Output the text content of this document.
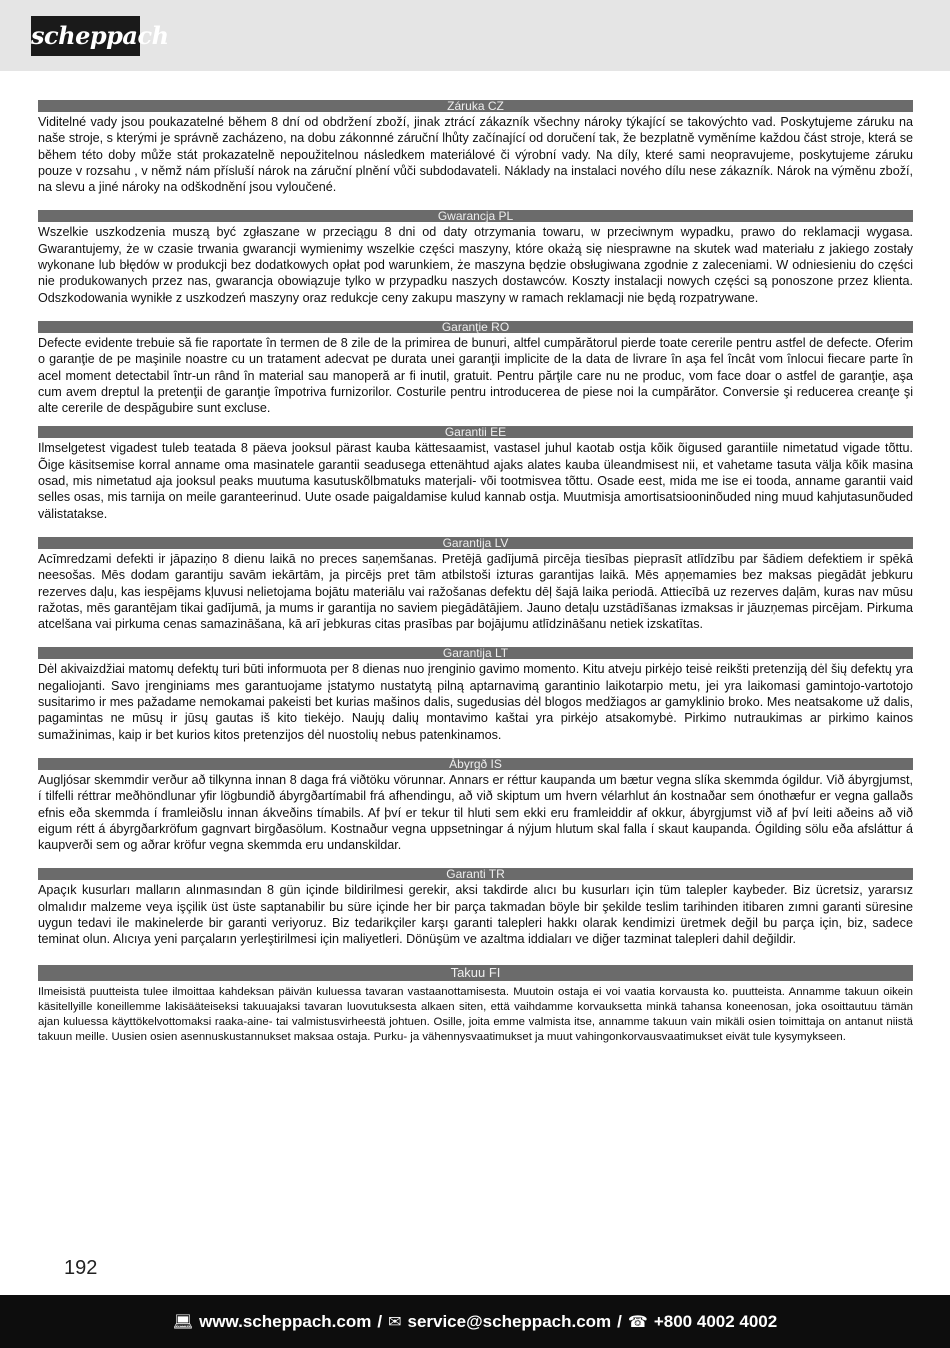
scheppach
Záruka CZ

Viditelné vady jsou poukazatelné během 8 dní od obdržení zboží, jinak ztrácí zákazník všechny nároky týkající se takovýchto vad. Poskytujeme záruku na naše stroje, s kterými je správně zacházeno, na dobu zákonnné záruční lhůty začínající od doručení tak, že bezplatně vyměníme každou část stroje, která se během této doby může stát prokazatelně nepoužitelnou následkem materiálové či výrobní vady. Na díly, které sami neopravujeme, poskytujeme záruku pouze v rozsahu , v němž nám přísluší nárok na záruční plnění vůči subdodavateli. Náklady na instalaci nového dílu nese zákazník. Nárok na výměnu zboží, na slevu a jiné nároky na odškodnění jsou vyloučené.

Gwarancja PL

Wszelkie uszkodzenia muszą być zgłaszane w przeciągu 8 dni od daty otrzymania towaru, w przeciwnym wypadku, prawo do reklamacji wygasa. Gwarantujemy, że w czasie trwania gwarancji wymienimy wszelkie części maszyny, które okażą się niesprawne na skutek wad materiału z jakiego zostały wykonane lub błędów w produkcji bez dodatkowych opłat pod warunkiem, że maszyna będzie obsługiwana zgodnie z zaleceniami. W odniesieniu do części nie produkowanych przez nas, gwarancja obowiązuje tylko w przypadku naszych dostawców. Koszty instalacji nowych części są ponoszone przez klienta. Odszkodowania wynikłe z uszkodzeń maszyny oraz redukcje ceny zakupu maszyny w ramach reklamacji nie będą rozpatrywane.

Garanţie RO

Defecte evidente trebuie să fie raportate în termen de 8 zile de la primirea de bunuri, altfel cumpărătorul pierde toate cererile pentru astfel de defecte. Oferim o garanţie de pe maşinile noastre cu un tratament adecvat pe durata unei garanţii implicite de la data de livrare în aşa fel încât vom înlocui fiecare parte în acel moment detectabil într-un rând în material sau manoperă ar fi inutil, gratuit. Pentru părţile care nu ne produc, vom face doar o astfel de garanţie, aşa cum avem dreptul la pretenţii de garanţie împotriva furnizorilor. Costurile pentru introducerea de piese noi la cumpărător. Conversie şi reducerea creanţe şi alte cererile de despăgubire sunt excluse.

Garantii EE

Ilmselgetest vigadest tuleb teatada 8 päeva jooksul pärast kauba kättesaamist, vastasel juhul kaotab ostja kõik õigused garantiile nimetatud vigade tõttu. Õige käsitsemise korral anname oma masinatele garantii seadusega ettenähtud ajaks alates kauba üleandmisest nii, et vahetame tasuta välja kõik masina osad, mis nimetatud aja jooksul peaks muutuma kasutuskõlbmatuks materjali- või tootmisvea tõttu. Osade eest, mida me ise ei tooda, anname garantii vaid selles osas, mis tarnija on meile garanteerinud. Uute osade paigaldamise kulud kannab ostja. Muutmisja amortisatsiooninõuded ning muud kahjutasunõuded välistatakse.

Garantija LV

Acīmredzami defekti ir jāpaziņo 8 dienu laikā no preces saņemšanas. Pretējā gadījumā pircēja tiesības pieprasīt atlīdzību par šādiem defektiem ir spēkā neesošas. Mēs dodam garantiju savām iekārtām, ja pircējs pret tām atbilstoši izturas garantijas laikā. Mēs apņemamies bez maksas piegādāt jebkuru rezerves daļu, kas iespējams kļuvusi nelietojama bojātu materiālu vai ražošanas defektu dēļ šajā laika periodā. Attiecībā uz rezerves daļām, kuras nav mūsu ražotas, mēs garantējam tikai gadījumā, ja mums ir garantija no saviem piegādātājiem. Jauno detaļu uzstādīšanas izmaksas ir jāuzņemas pircējam. Pirkuma atcelšana vai pirkuma cenas samazināšana, kā arī jebkuras citas prasības par bojājumu atlīdzināšanu netiek izskatītas.

Garantija LT

Dėl akivaizdžiai matomų defektų turi būti informuota per 8 dienas nuo įrenginio gavimo momento. Kitu atveju pirkėjo teisė reikšti pretenziją dėl šių defektų yra negaliojanti. Savo įrenginiams mes garantuojame įstatymo nustatytą pilną aptarnavimą garantinio laikotarpio metu, jei yra laikomasi gamintojo-vartotojo susitarimo ir mes pažadame nemokamai pakeisti bet kurias mašinos dalis, sugedusias dėl blogos medžiagos ar gamyklinio broko. Mes neatsakome už dalis, pagamintas ne mūsų ir jūsų gautas iš kito tiekėjo. Naujų dalių montavimo kaštai yra pirkėjo atsakomybė. Pirkimo nutraukimas ar pirkimo kainos sumažinimas, kaip ir bet kurios kitos pretenzijos dėl nuostolių nebus patenkinamos.

Ábyrgð IS

Augljósar skemmdir verður að tilkynna innan 8 daga frá viðtöku vörunnar. Annars er réttur kaupanda um bætur vegna slíka skemmda ógildur. Við ábyrgjumst, í tilfelli réttrar meðhöndlunar yfir lögbundið ábyrgðartímabil frá afhendingu, að við skiptum um hvern vélarhlut án kostnaðar sem ónothæfur er vegna gallaðs efnis eða skemmda í framleiðslu innan ákveðins tímabils. Af því er tekur til hluti sem ekki eru framleiddir af okkur, ábyrgjumst við af því leiti aðeins að við eigum rétt á ábyrgðarkröfum gagnvart birgðasölum. Kostnaður vegna uppsetningar á nýjum hlutum skal falla í skaut kaupanda. Ógilding sölu eða afsláttur á kaupverði sem og aðrar kröfur vegna skemmda eru undanskildar.

Garanti TR

Apaçık kusurları malların alınmasından 8 gün içinde bildirilmesi gerekir, aksi takdirde alıcı bu kusurları için tüm talepler kaybeder. Biz ücretsiz, yararsız olmalıdır malzeme veya işçilik üst üste saptanabilir bu süre içinde her bir parça takmadan böyle bir şekilde teslim tarihinden itibaren zımni garanti süresine uygun tedavi ile makinelerde bir garanti veriyoruz. Biz tedarikçiler karşı garanti talepleri hakkı olarak kendimizi üretmek değil bu parça için, biz, sadece teminat olun. Alıcıya yeni parçaların yerleştirilmesi için maliyetleri. Dönüşüm ve azaltma iddiaları ve diğer tazminat talepleri dahil değildir.

Takuu FI

Ilmeisistä puutteista tulee ilmoittaa kahdeksan päivän kuluessa tavaran vastaanottamisesta. Muutoin ostaja ei voi vaatia korvausta ko. puutteista. Annamme takuun oikein käsitellyille koneillemme lakisääteiseksi takuuajaksi tavaran luovutuksesta alkaen siten, että vaihdamme korvauksetta minkä tahansa koneenosan, joka osoittautuu tämän ajan kuluessa käyttökelvottomaksi raaka-aine- tai valmistusvirheestä johtuen. Osille, joita emme valmista itse, annamme takuun vain mikäli osien toimittaja on antanut niistä takuun meille. Uusien osien asennuskustannukset maksaa ostaja. Purku- ja vähennysvaatimukset ja muut vahingonkorvausvaatimukset eivät tule kysymykseen.

192
💻︎ www.scheppach.com / ✉︎ service@scheppach.com / ☎︎ +800 4002 4002
